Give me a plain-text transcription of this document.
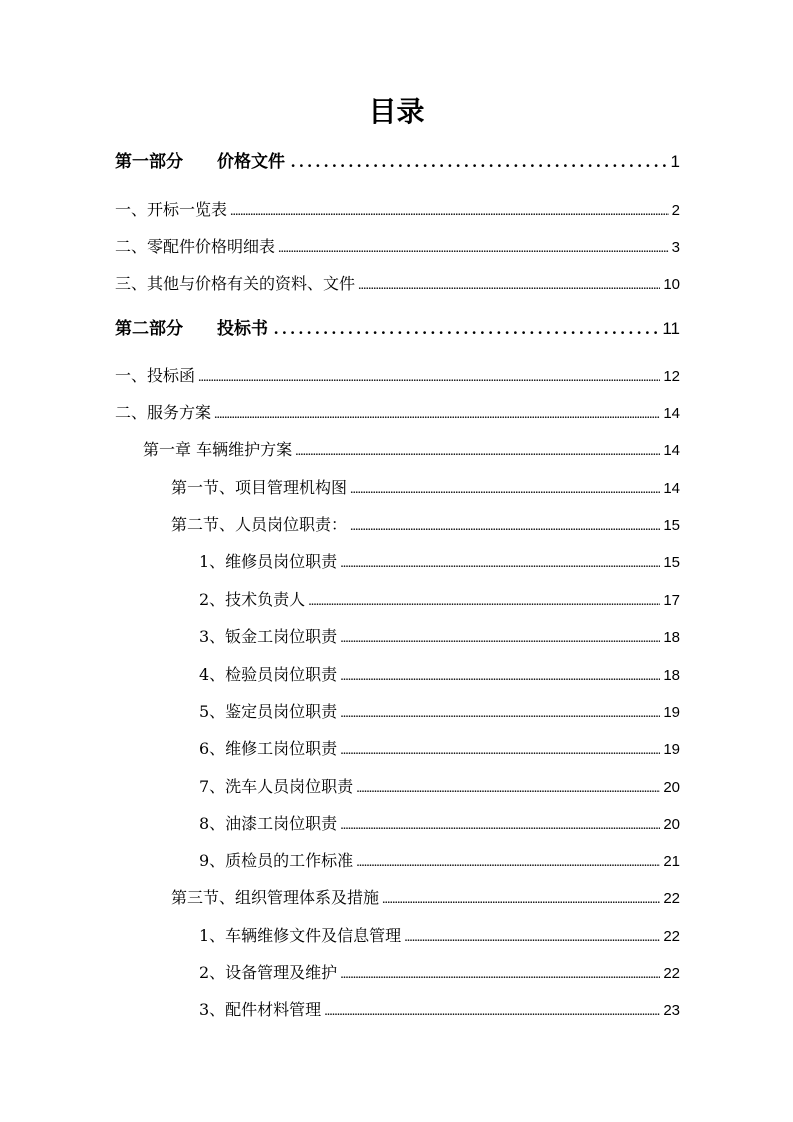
目录
第一部分 价格文件 .....	1
一、开标一览表 .....	2
二、零配件价格明细表 .....	3
三、其他与价格有关的资料、文件 .....	10
第二部分 投标书 .....	11
一、投标函 .....	12
二、服务方案 .....	14
第一章 车辆维护方案 .....	14
第一节、项目管理机构图 .....	14
第二节、人员岗位职责： .....	15
1、维修员岗位职责 .....	15
2、技术负责人 .....	17
3、钣金工岗位职责 .....	18
4、检验员岗位职责 .....	18
5、鉴定员岗位职责 .....	19
6、维修工岗位职责 .....	19
7、洗车人员岗位职责 .....	20
8、油漆工岗位职责 .....	20
9、质检员的工作标准 .....	21
第三节、组织管理体系及措施 .....	22
1、车辆维修文件及信息管理 .....	22
2、设备管理及维护 .....	22
3、配件材料管理 .....	23
